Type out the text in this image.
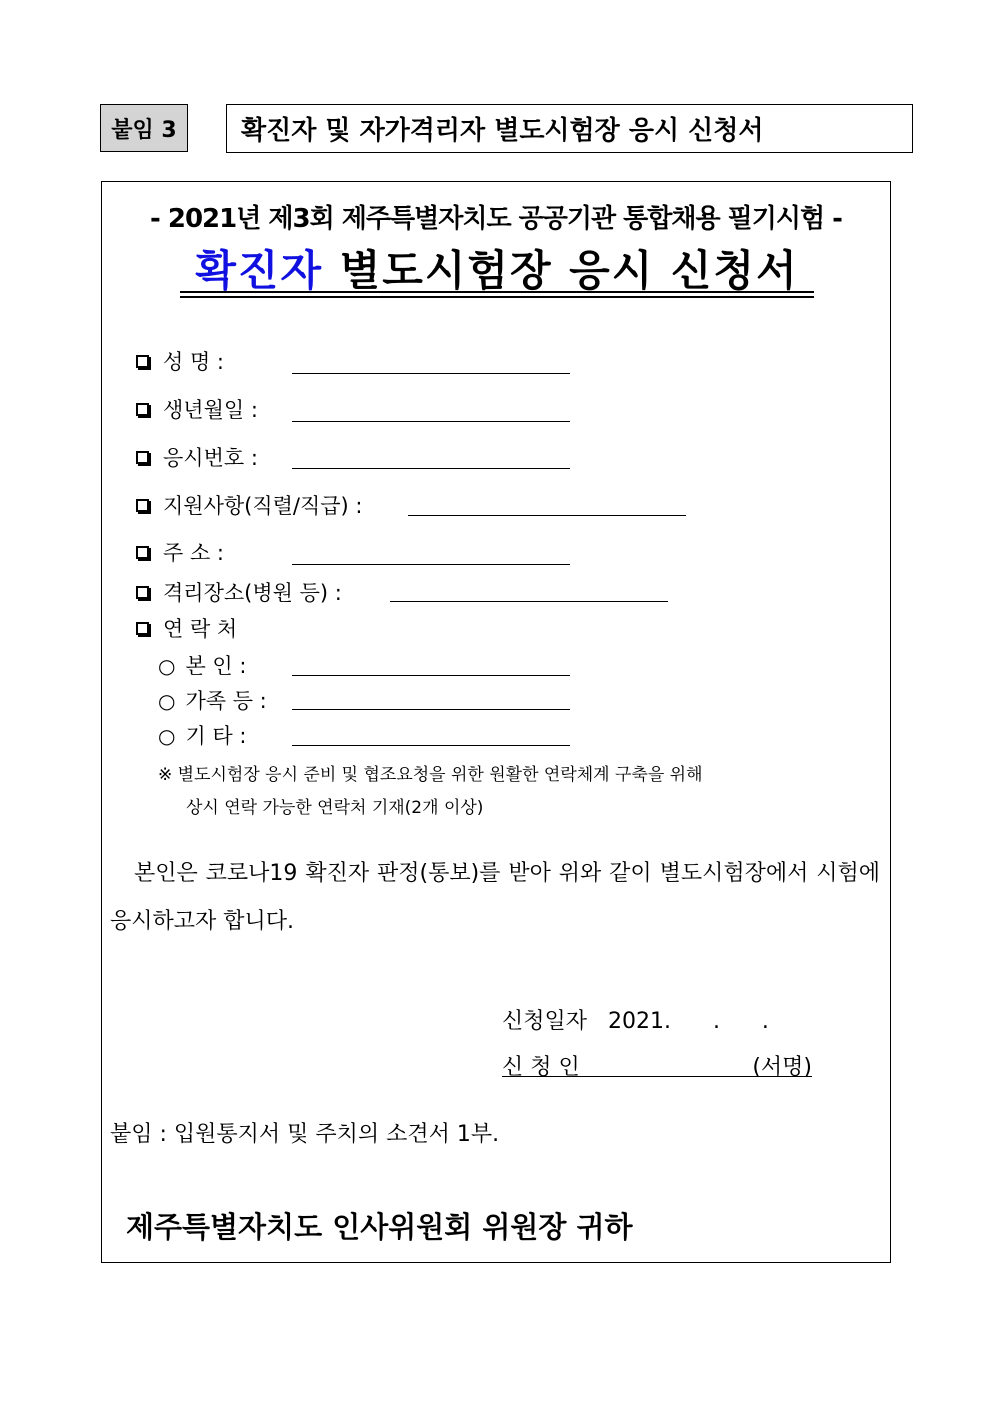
붙임 3	확진자 및 자가격리자 별도시험장 응시 신청서
- 2021년 제3회 제주특별자치도 공공기관 통합채용 필기시험 -
확진자 별도시험장 응시 신청서
성 명 :
생년월일 :
응시번호 :
지원사항(직렬/직급) :
주 소 :
격리장소(병원 등) :
연 락 처
○ 본 인 :
○ 가족 등 :
○ 기 타 :
※ 별도시험장 응시 준비 및 협조요청을 위한 원활한 연락체계 구축을 위해
상시 연락 가능한 연락처 기재(2개 이상)
본인은 코로나19 확진자 판정(통보)를 받아 위와 같이 별도시험장에서 시험에 응시하고자 합니다.
신청일자 2021.      .      .
신 청 인	(서명)
붙임 : 입원통지서 및 주치의 소견서 1부.
제주특별자치도 인사위원회 위원장 귀하
